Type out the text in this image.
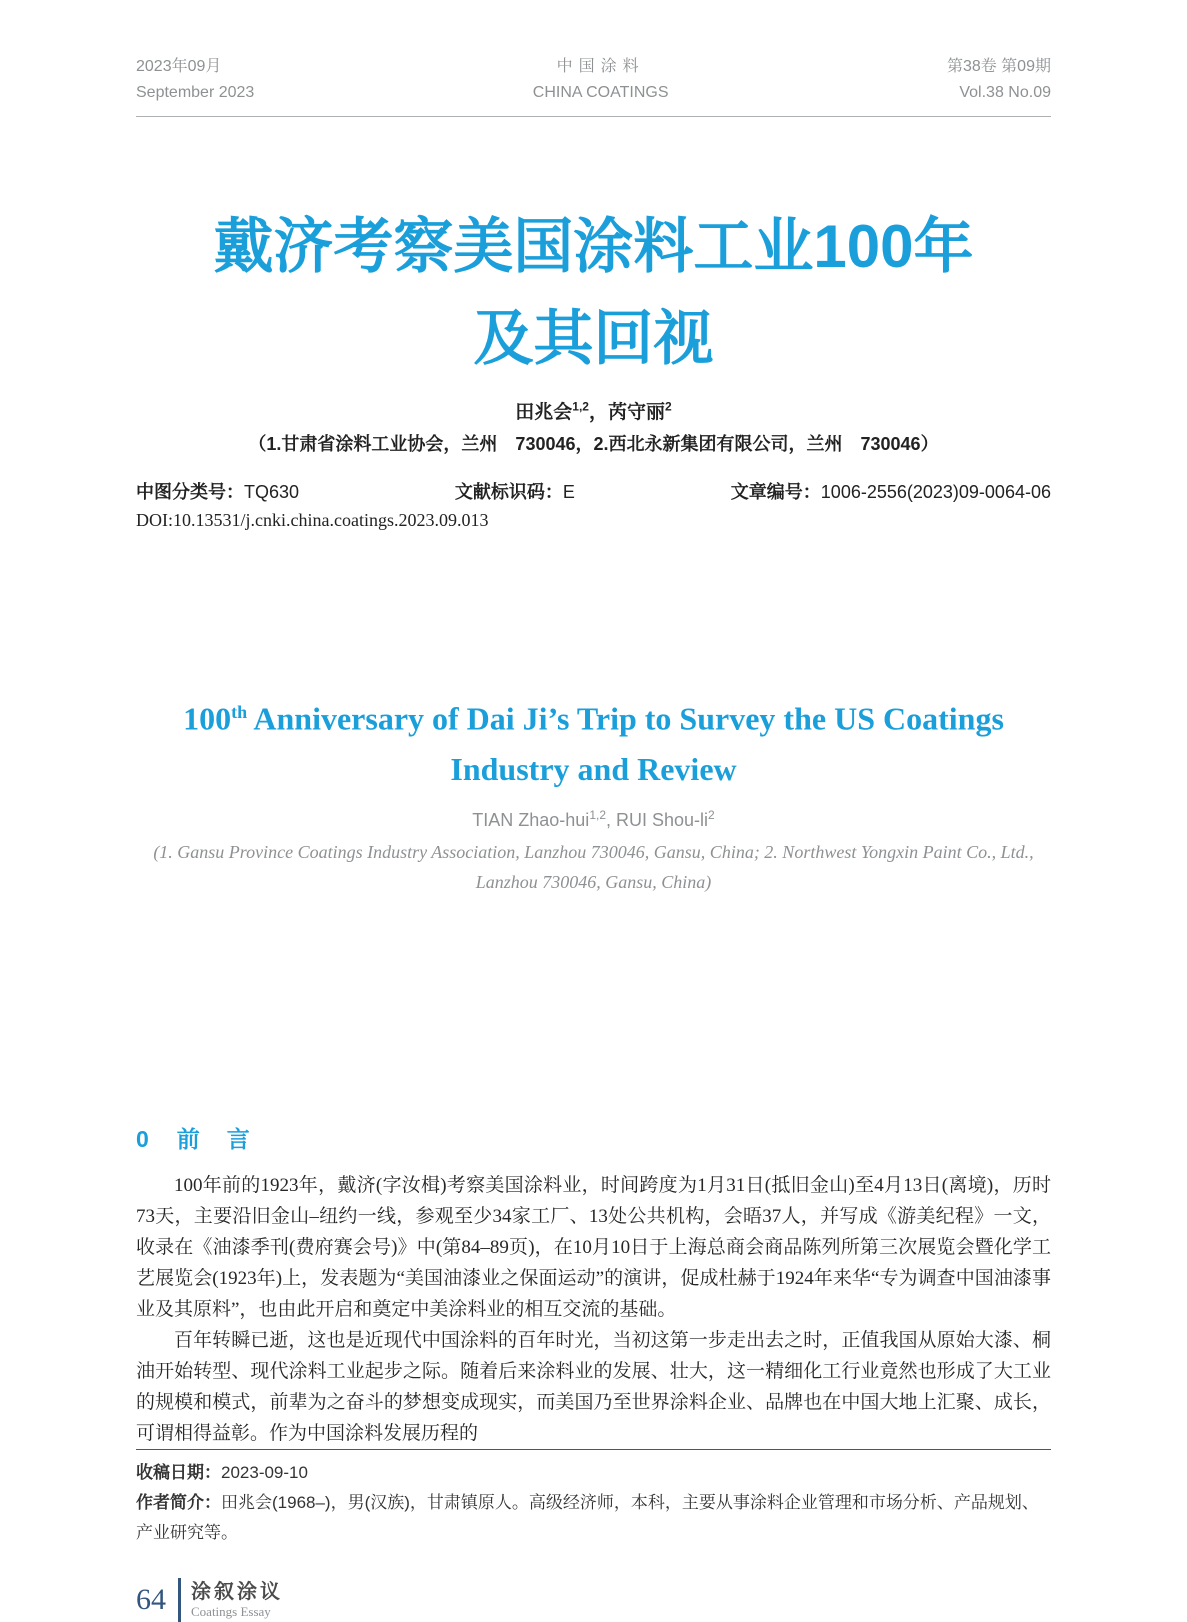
2023年09月
September 2023
中国涂料
CHINA COATINGS
第38卷 第09期
Vol.38 No.09
戴济考察美国涂料工业100年
及其回视
田兆会$^{1,2}$，芮守丽$^2$
（1.甘肃省涂料工业协会，兰州　730046，2.西北永新集团有限公司，兰州　730046）
中图分类号：TQ630	文献标识码：E	文章编号：1006-2556(2023)09-0064-06
DOI:10.13531/j.cnki.china.coatings.2023.09.013
100th Anniversary of Dai Ji’s Trip to Survey the US Coatings
Industry and Review
TIAN Zhao-hui$^{1,2}$, RUI Shou-$li^2$
(1. Gansu Province Coatings Industry Association, Lanzhou 730046, Gansu, China; 2. Northwest Yongxin Paint Co., Ltd.,
Lanzhou 730046, Gansu, China)
0 前　言

100年前的1923年，戴济(字汝楫)考察美国涂料业，时间跨度为1月31日(抵旧金山)至4月13日(离境)，历时73天，主要沿旧金山–纽约一线，参观至少34家工厂、13处公共机构，会晤37人，并写成《游美纪程》一文，收录在《油漆季刊(费府赛会号)》中(第84–89页)，在10月10日于上海总商会商品陈列所第三次展览会暨化学工艺展览会(1923年)上，发表题为“美国油漆业之保面运动”的演讲，促成杜赫于1924年来华“专为调查中国油漆事业及其原料”，也由此开启和奠定中美涂料业的相互交流的基础。

百年转瞬已逝，这也是近现代中国涂料的百年时光，当初这第一步走出去之时，正值我国从原始大漆、桐油开始转型、现代涂料工业起步之际。随着后来涂料业的发展、壮大，这一精细化工行业竟然也形成了大工业的规模和模式，前辈为之奋斗的梦想变成现实，而美国乃至世界涂料企业、品牌也在中国大地上汇聚、成长，可谓相得益彰。作为中国涂料发展历程的

收稿日期：2023-09-10
作者简介：田兆会(1968–)，男(汉族)，甘肃镇原人。高级经济师，本科，主要从事涂料企业管理和市场分析、产品规划、产业研究等。
64 涂叙涂议
Coatings Essay
